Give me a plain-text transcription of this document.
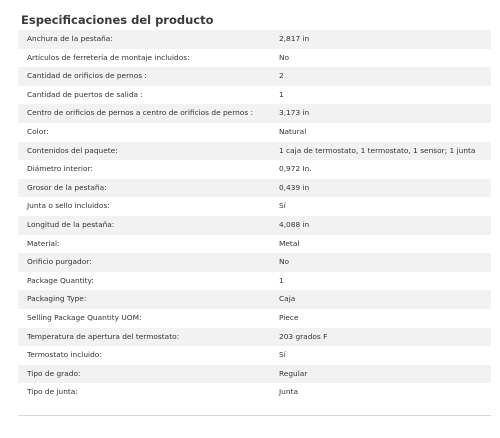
Especificaciones del producto
Anchura de la pestaña:	2,817 in
Artículos de ferretería de montaje incluidos:	No
Cantidad de orificios de pernos :	2
Cantidad de puertos de salida :	1
Centro de orificios de pernos a centro de orificios de pernos :	3,173 in
Color:	Natural
Contenidos del paquete:	1 caja de termostato, 1 termostato, 1 sensor; 1 junta
Diámetro interior:	0,972 In.
Grosor de la pestaña:	0,439 in
Junta o sello incluidos:	Sí
Longitud de la pestaña:	4,088 in
Material:	Metal
Orificio purgador:	No
Package Quantity:	1
Packaging Type:	Caja
Selling Package Quantity UOM:	Piece
Temperatura de apertura del termostato:	203 grados F
Termostato incluido:	Sí
Tipo de grado:	Regular
Tipo de junta:	Junta
